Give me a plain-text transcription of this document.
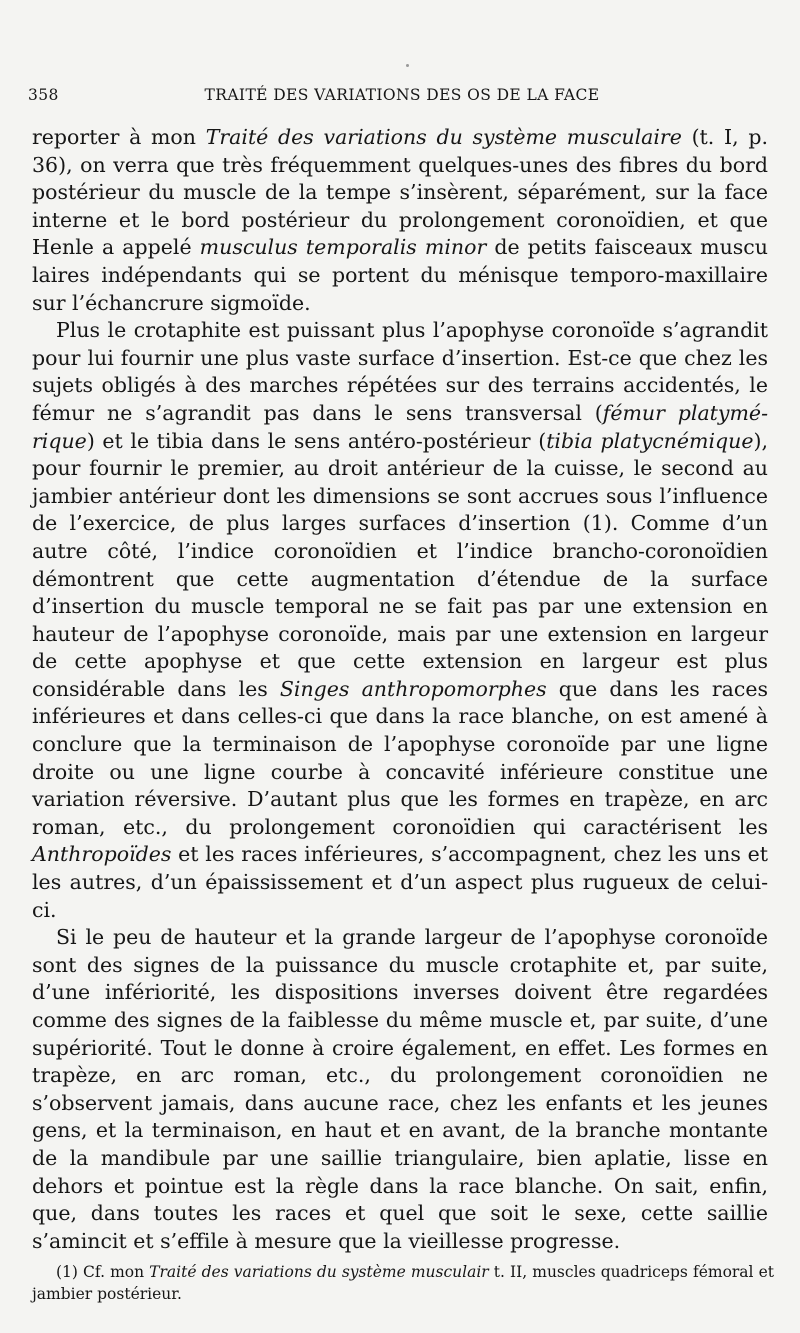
358	TRAITÉ DES VARIATIONS DES OS DE LA FACE

reporter à mon Traité des variations du système musculaire (t. I, p. 36), on verra que très fréquemment quelques-unes des fibres du bord postérieur du muscle de la tempe s’insèrent, séparément, sur la face interne et le bord postérieur du prolongement coronoïdien, et que Henle a appelé musculus temporalis minor de petits faisceaux muscu laires indépendants qui se portent du ménisque temporo-maxillaire sur l’échancrure sigmoïde.

Plus le crotaphite est puissant plus l’apophyse coronoïde s’agrandit pour lui fournir une plus vaste surface d’insertion. Est-ce que chez les sujets obligés à des marches répétées sur des terrains accidentés, le fémur ne s’agrandit pas dans le sens transversal (fémur platymé-rique) et le tibia dans le sens antéro-postérieur (tibia platycnémique), pour fournir le premier, au droit antérieur de la cuisse, le second au jambier antérieur dont les dimensions se sont accrues sous l’influence de l’exercice, de plus larges surfaces d’insertion (1). Comme d’un autre côté, l’indice coronoïdien et l’indice brancho-coronoïdien démontrent que cette augmentation d’étendue de la surface d’insertion du muscle temporal ne se fait pas par une extension en hauteur de l’apophyse coronoïde, mais par une extension en largeur de cette apophyse et que cette extension en largeur est plus considérable dans les Singes anthropomorphes que dans les races inférieures et dans celles-ci que dans la race blanche, on est amené à conclure que la terminaison de l’apophyse coronoïde par une ligne droite ou une ligne courbe à concavité inférieure constitue une variation réversive. D’autant plus que les formes en trapèze, en arc roman, etc., du prolongement coronoïdien qui caractérisent les Anthropoïdes et les races inférieures, s’accompagnent, chez les uns et les autres, d’un épaississement et d’un aspect plus rugueux de celui-ci.

Si le peu de hauteur et la grande largeur de l’apophyse coronoïde sont des signes de la puissance du muscle crotaphite et, par suite, d’une infériorité, les dispositions inverses doivent être regardées comme des signes de la faiblesse du même muscle et, par suite, d’une supériorité. Tout le donne à croire également, en effet. Les formes en trapèze, en arc roman, etc., du prolongement coronoïdien ne s’observent jamais, dans aucune race, chez les enfants et les jeunes gens, et la terminaison, en haut et en avant, de la branche montante de la mandibule par une saillie triangulaire, bien aplatie, lisse en dehors et pointue est la règle dans la race blanche. On sait, enfin, que, dans toutes les races et quel que soit le sexe, cette saillie s’amincit et s’effile à mesure que la vieillesse progresse.

(1) Cf. mon Traité des variations du système musculair t. II, muscles quadriceps fémoral et jambier postérieur.
